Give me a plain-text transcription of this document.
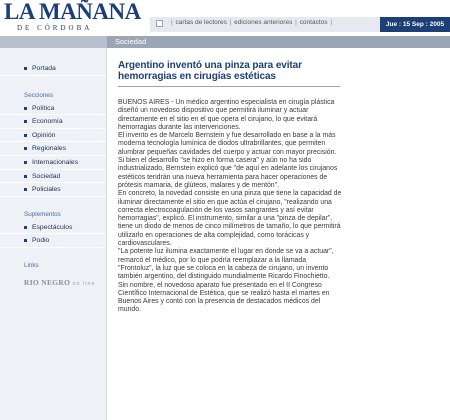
LA MAÑANA
DE CÓRDOBA
| cartas de lectores | ediciones anteriores | contactos |	Jue : 15 Sep : 2005
Sociedad
Portada
Secciones
Política
Economía
Opinión
Regionales
Internacionales
Sociedad
Policiales
Suplementos
Espectáculos
Podio
Links
RIO NEGRO on line
Argentino inventó una pinza para evitar hemorragias en cirugías estéticas

BUENOS AIRES - Un médico argentino especialista en cirugía plástica diseñó un novedoso dispositivo que permitirá iluminar y actuar directamente en el sitio en el que opera el cirujano, lo que evitará hemorragias durante las intervenciones.

El invento es de Marcelo Bernstein y fue desarrollado en base a la más moderna tecnología lumínica de diodos ultrabrillantes, que permiten alumbrar pequeñas cavidades del cuerpo y actuar con mayor precisión.

Si bien el desarrollo "se hizo en forma casera" y aún no ha sido industrializado, Bernstein explicó que "de aquí en adelante los cirujanos estéticos tendrán una nueva herramienta para hacer operaciones de prótesis mamaria, de glúteos, malares y de mentón".

En concreto, la novedad consiste en una pinza que tiene la capacidad de iluminar directamente el sitio en que actúa el cirujano, "realizando una correcta electrocoagulación de los vasos sangrantes y así evitar hemorragias", explicó. El instrumento, similar a una "pinza de depilar", tiene un diodo de menos de cinco milímetros de tamaño, lo que permitirá utilizarlo en operaciones de alta complejidad, como torácicas y cardiovasculares.

"La potente luz ilumina exactamente el lugar en donde se va a actuar", remarcó el médico, por lo que podría reemplazar a la llamada "Frontoluz", la luz que se coloca en la cabeza de cirujano, un invento también argentino, del distinguido mundialmente Ricardo Finochietto.

Sin nombre, el novedoso aparato fue presentado en el II Congreso Científico Internacional de Estética, que se realizó hasta el martes en Buenos Aires y contó con la presencia de destacados médicos del mundo.
